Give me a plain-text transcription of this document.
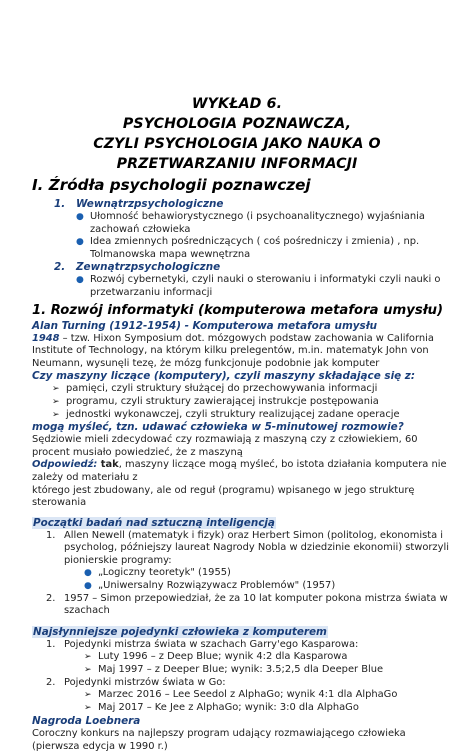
WYKŁAD 6.
PSYCHOLOGIA POZNAWCZA,
CZYLI PSYCHOLOGIA JAKO NAUKA O
PRZETWARZANIU INFORMACJI
I. Źródła psychologii poznawczej
1.	Wewnątrzpsychologiczne
● Ułomność behawiorystycznego (i psychoanalitycznego) wyjaśniania zachowań człowieka
● Idea zmiennych pośredniczących ( coś pośredniczy i zmienia) , np. Tolmanowska mapa wewnętrzna
2.	Zewnątrzpsychologiczne
● Rozwój cybernetyki, czyli nauki o sterowaniu i informatyki czyli nauki o przetwarzaniu informacji
1. Rozwój informatyki (komputerowa metafora umysłu)
Alan Turning (1912-1954) - Komputerowa metafora umysłu
1948 – tzw. Hixon Symposium dot. mózgowych podstaw zachowania w California Institute of Technology, na którym kilku prelegentów, m.in. matematyk John von Neumann, wysunęli tezę, że mózg funkcjonuje podobnie jak komputer
Czy maszyny liczące (komputery), czyli maszyny składające się z:
➢ pamięci, czyli struktury służącej do przechowywania informacji
➢ programu, czyli struktury zawierającej instrukcje postępowania
➢ jednostki wykonawczej, czyli struktury realizującej zadane operacje
mogą myśleć, tzn. udawać człowieka w 5-minutowej rozmowie?
Sędziowie mieli zdecydować czy rozmawiają z maszyną czy z człowiekiem, 60 procent musiało powiedzieć, że z maszyną
Odpowiedź: tak, maszyny liczące mogą myśleć, bo istota działania komputera nie zależy od materiału z
którego jest zbudowany, ale od reguł (programu) wpisanego w jego strukturę sterowania
Początki badań nad sztuczną inteligencją
1. Allen Newell (matematyk i fizyk) oraz Herbert Simon (politolog, ekonomista i psycholog, późniejszy laureat Nagrody Nobla w dziedzinie ekonomii) stworzyli pionierskie programy:
● „Logiczny teoretyk" (1955)
● „Uniwersalny Rozwiązywacz Problemów" (1957)
2. 1957 – Simon przepowiedział, że za 10 lat komputer pokona mistrza świata w szachach
Najsłynniejsze pojedynki człowieka z komputerem
1. Pojedynki mistrza świata w szachach Garry'ego Kasparowa:
➢ Luty 1996 – z Deep Blue; wynik 4:2 dla Kasparowa
➢ Maj 1997 – z Deeper Blue; wynik: 3.5;2,5 dla Deeper Blue
2. Pojedynki mistrzów świata w Go:
➢ Marzec 2016 – Lee Seedol z AlphaGo; wynik 4:1 dla AlphaGo
➢ Maj 2017 – Ke Jee z AlphaGo; wynik: 3:0 dla AlphaGo
Nagroda Loebnera
Coroczny konkurs na najlepszy program udający rozmawiającego człowieka (pierwsza edycja w 1990 r.)
